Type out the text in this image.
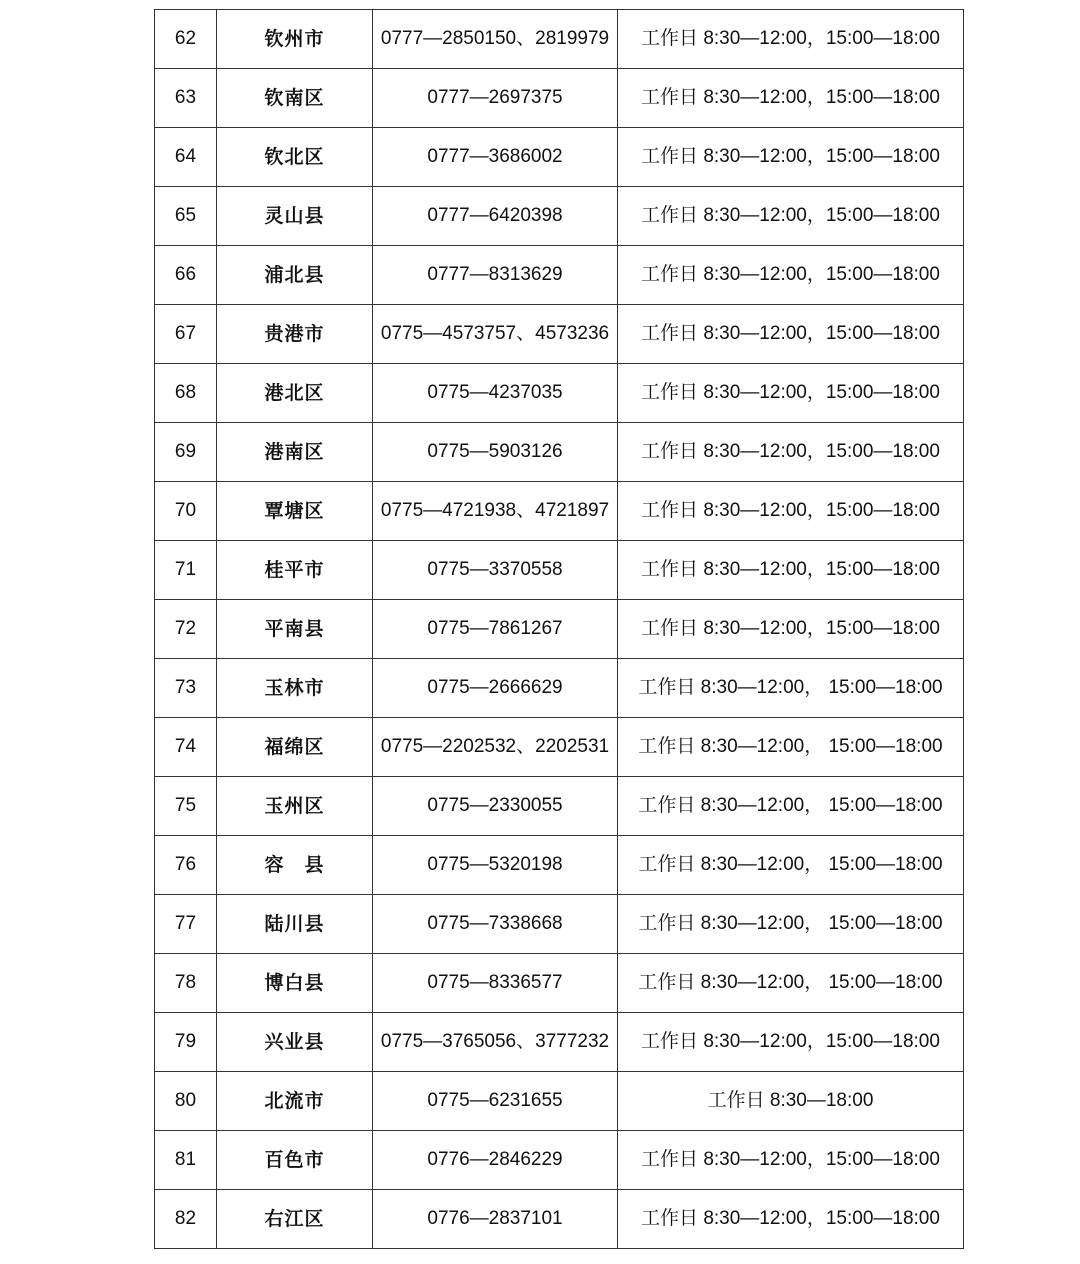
62	钦州市	0777—2850150、2819979	工作日 8:30—12:00，15:00—18:00
63	钦南区	0777—2697375	工作日 8:30—12:00，15:00—18:00
64	钦北区	0777—3686002	工作日 8:30—12:00，15:00—18:00
65	灵山县	0777—6420398	工作日 8:30—12:00，15:00—18:00
66	浦北县	0777—8313629	工作日 8:30—12:00，15:00—18:00
67	贵港市	0775—4573757、4573236	工作日 8:30—12:00，15:00—18:00
68	港北区	0775—4237035	工作日 8:30—12:00，15:00—18:00
69	港南区	0775—5903126	工作日 8:30—12:00，15:00—18:00
70	覃塘区	0775—4721938、4721897	工作日 8:30—12:00，15:00—18:00
71	桂平市	0775—3370558	工作日 8:30—12:00，15:00—18:00
72	平南县	0775—7861267	工作日 8:30—12:00，15:00—18:00
73	玉林市	0775—2666629	工作日 8:30—12:00， 15:00—18:00
74	福绵区	0775—2202532、2202531	工作日 8:30—12:00， 15:00—18:00
75	玉州区	0775—2330055	工作日 8:30—12:00， 15:00—18:00
76	容　县	0775—5320198	工作日 8:30—12:00， 15:00—18:00
77	陆川县	0775—7338668	工作日 8:30—12:00， 15:00—18:00
78	博白县	0775—8336577	工作日 8:30—12:00， 15:00—18:00
79	兴业县	0775—3765056、3777232	工作日 8:30—12:00，15:00—18:00
80	北流市	0775—6231655	工作日 8:30—18:00
81	百色市	0776—2846229	工作日 8:30—12:00，15:00—18:00
82	右江区	0776—2837101	工作日 8:30—12:00，15:00—18:00
